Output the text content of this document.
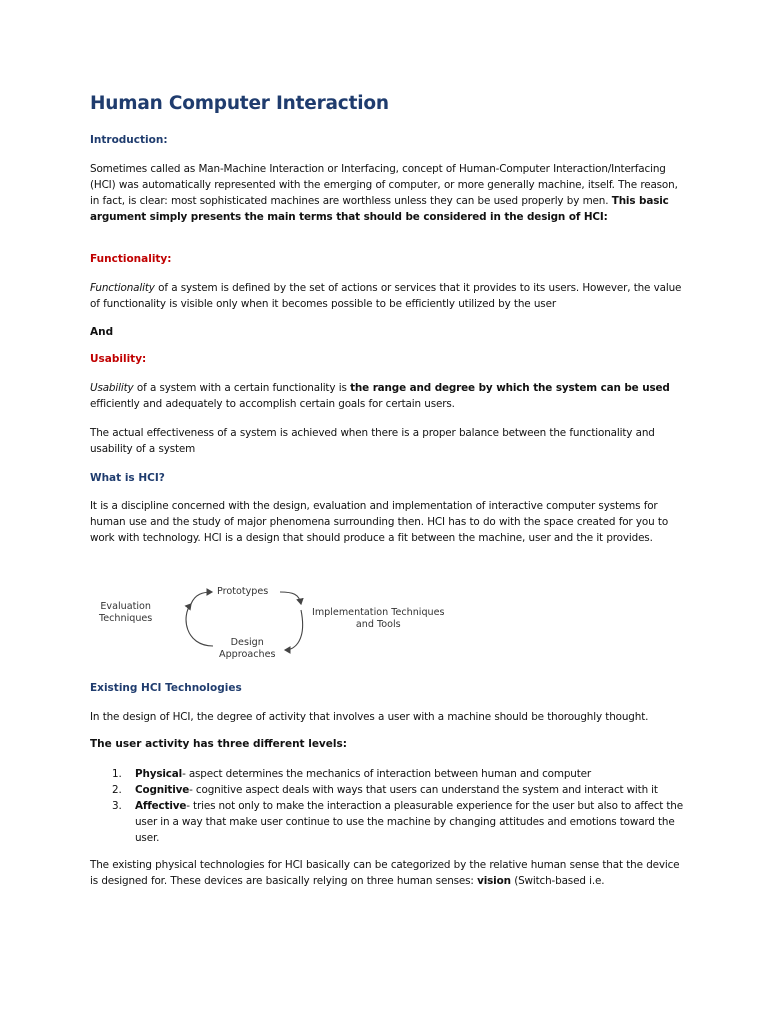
Human Computer Interaction
Introduction:
Sometimes called as Man-Machine Interaction or Interfacing, concept of Human-Computer Interaction/Interfacing (HCI) was automatically represented with the emerging of computer, or more generally machine, itself. The reason, in fact, is clear: most sophisticated machines are worthless unless they can be used properly by men. This basic argument simply presents the main terms that should be considered in the design of HCI:
Functionality:
Functionality of a system is defined by the set of actions or services that it provides to its users. However, the value of functionality is visible only when it becomes possible to be efficiently utilized by the user
And
Usability:
Usability of a system with a certain functionality is the range and degree by which the system can be used efficiently and adequately to accomplish certain goals for certain users.
The actual effectiveness of a system is achieved when there is a proper balance between the functionality and usability of a system
What is HCI?
It is a discipline concerned with the design, evaluation and implementation of interactive computer systems for human use and the study of major phenomena surrounding then. HCI has to do with the space created for you to work with technology. HCI is a design that should produce a fit between the machine, user and the it provides.
Evaluation
Techniques
Prototypes
Implementation Techniques
and Tools
Design
Approaches
Existing HCI Technologies
In the design of HCI, the degree of activity that involves a user with a machine should be thoroughly thought.
The user activity has three different levels:
1. Physical- aspect determines the mechanics of interaction between human and computer
2. Cognitive- cognitive aspect deals with ways that users can understand the system and interact with it
3. Affective- tries not only to make the interaction a pleasurable experience for the user but also to affect the user in a way that make user continue to use the machine by changing attitudes and emotions toward the user.
The existing physical technologies for HCI basically can be categorized by the relative human sense that the device is designed for. These devices are basically relying on three human senses: vision (Switch-based i.e.
